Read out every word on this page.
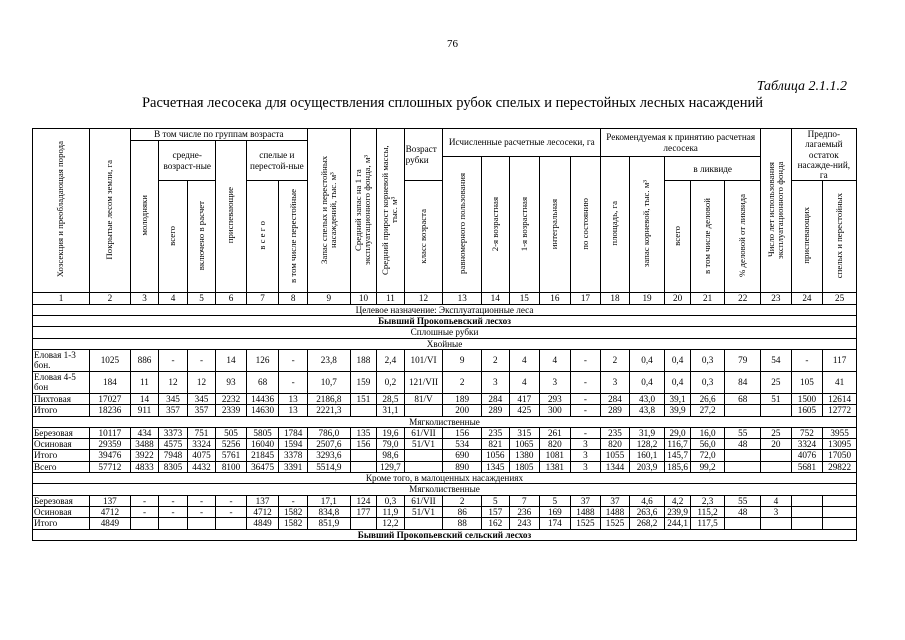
76
Таблица 2.1.1.2
Расчетная лесосека для осуществления сплошных рубок спелых и перестойных лесных насаждений
Хозсекция и преобладающая порода	Покрытые лесом земли, га	В том числе по группам возраста						Запас спелых и перестойных насаждений, тыс. м³	Средний запас на 1 га эксплуатационного фонда, м³	Средний прирост корневой массы, тыс. м³	Возраст рубки	Исчисленные расчетные лесосеки, га					Рекомендуемая к принятию расчетная лесосека					Число лет использования эксплуатационного фонда	Предпо-лагаемый остаток насажде-ний, га	
		молодняки	средне-возраст-ные		приспевающие	спелые и перестой-ные																		
												равномерного пользования	2-я возрастная	1-я возрастная	интегральная	по состоянию	площадь, га	запас корневой, тыс. м³	в ликвиде					
			всего	включено в расчет		в с е г о	в том числе перестойные				класс возраста								всего	в том числе деловой	% деловой от ликвида		приспевающих	спелых и перестойных
1	2	3	4	5	6	7	8	9	10	11	12	13	14	15	16	17	18	19	20	21	22	23	24	25
Целевое назначение: Эксплуатационные леса																								
Бывший Прокопьевский лесхоз																								
Сплошные рубки																								
Хвойные																								
Еловая 1-3 бон.	1025	886	-	-	14	126	-	23,8	188	2,4	101/VI	9	2	4	4	-	2	0,4	0,4	0,3	79	54	-	117
Еловая 4-5 бон	184	11	12	12	93	68	-	10,7	159	0,2	121/VII	2	3	4	3	-	3	0,4	0,4	0,3	84	25	105	41
Пихтовая	17027	14	345	345	2232	14436	13	2186,8	151	28,5	81/V	189	284	417	293	-	284	43,0	39,1	26,6	68	51	1500	12614
Итого	18236	911	357	357	2339	14630	13	2221,3		31,1		200	289	425	300	-	289	43,8	39,9	27,2			1605	12772
Мягколиственные																								
Березовая	10117	434	3373	751	505	5805	1784	786,0	135	19,6	61/VII	156	235	315	261	-	235	31,9	29,0	16,0	55	25	752	3955
Осиновая	29359	3488	4575	3324	5256	16040	1594	2507,6	156	79,0	51/V1	534	821	1065	820	3	820	128,2	116,7	56,0	48	20	3324	13095
Итого	39476	3922	7948	4075	5761	21845	3378	3293,6		98,6		690	1056	1380	1081	3	1055	160,1	145,7	72,0			4076	17050
Всего	57712	4833	8305	4432	8100	36475	3391	5514,9		129,7		890	1345	1805	1381	3	1344	203,9	185,6	99,2			5681	29822
Кроме того, в малоценных насаждениях																								
Мягколиственные																								
Березовая	137	-	-	-	-	137	-	17,1	124	0,3	61/VII	2	5	7	5	37	37	4,6	4,2	2,3	55	4		
Осиновая	4712	-	-	-	-	4712	1582	834,8	177	11,9	51/V1	86	157	236	169	1488	1488	263,6	239,9	115,2	48	3		
Итого	4849					4849	1582	851,9		12,2		88	162	243	174	1525	1525	268,2	244,1	117,5				
Бывший Прокопьевский сельский лесхоз																								
